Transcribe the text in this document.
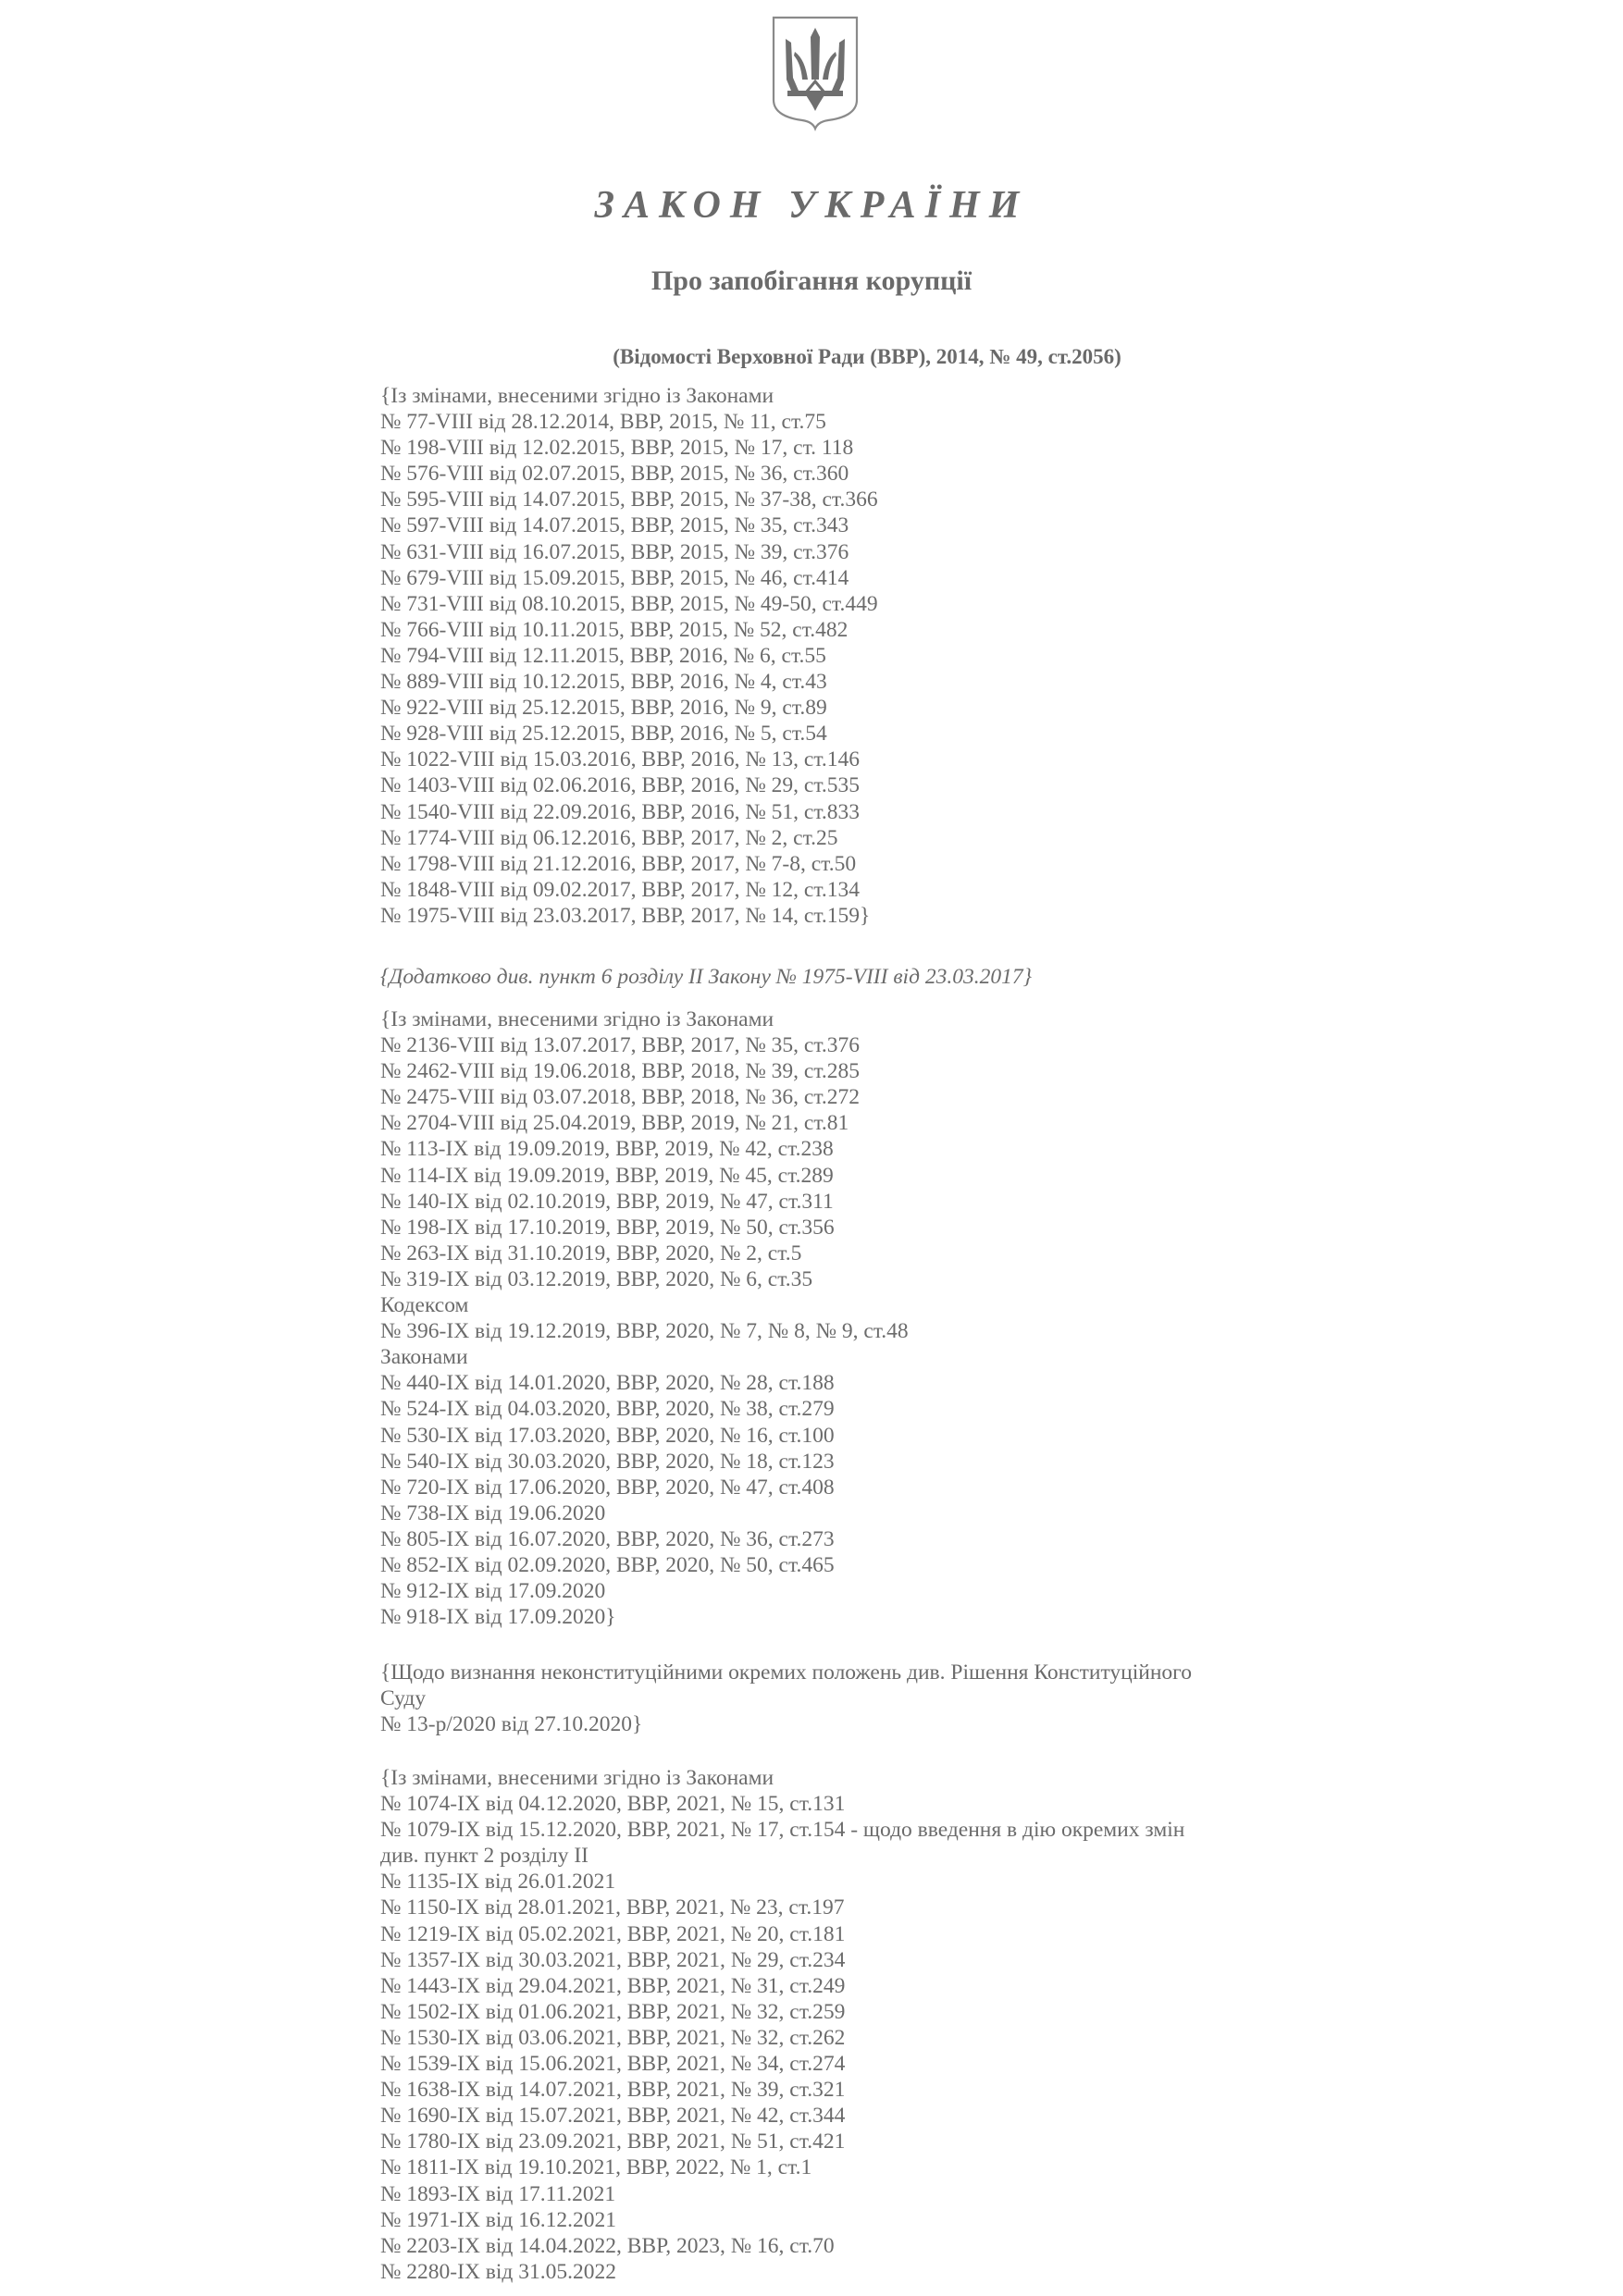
ЗАКОН УКРАЇНИ
Про запобігання корупції
(Відомості Верховної Ради (ВВР), 2014, № 49, ст.2056)
{Із змінами, внесеними згідно із Законами
№ 77-VIII від 28.12.2014, ВВР, 2015, № 11, ст.75
№ 198-VIII від 12.02.2015, ВВР, 2015, № 17, ст. 118
№ 576-VIII від 02.07.2015, ВВР, 2015, № 36, ст.360
№ 595-VIII від 14.07.2015, ВВР, 2015, № 37-38, ст.366
№ 597-VIII від 14.07.2015, ВВР, 2015, № 35, ст.343
№ 631-VIII від 16.07.2015, ВВР, 2015, № 39, ст.376
№ 679-VIII від 15.09.2015, ВВР, 2015, № 46, ст.414
№ 731-VIII від 08.10.2015, ВВР, 2015, № 49-50, ст.449
№ 766-VIII від 10.11.2015, ВВР, 2015, № 52, ст.482
№ 794-VIII від 12.11.2015, ВВР, 2016, № 6, ст.55
№ 889-VIII від 10.12.2015, ВВР, 2016, № 4, ст.43
№ 922-VIII від 25.12.2015, ВВР, 2016, № 9, ст.89
№ 928-VIII від 25.12.2015, ВВР, 2016, № 5, ст.54
№ 1022-VIII від 15.03.2016, ВВР, 2016, № 13, ст.146
№ 1403-VIII від 02.06.2016, ВВР, 2016, № 29, ст.535
№ 1540-VIII від 22.09.2016, ВВР, 2016, № 51, ст.833
№ 1774-VIII від 06.12.2016, ВВР, 2017, № 2, ст.25
№ 1798-VIII від 21.12.2016, ВВР, 2017, № 7-8, ст.50
№ 1848-VIII від 09.02.2017, ВВР, 2017, № 12, ст.134
№ 1975-VIII від 23.03.2017, ВВР, 2017, № 14, ст.159}
{Додатково див. пункт 6 розділу II Закону № 1975-VIII від 23.03.2017}
{Із змінами, внесеними згідно із Законами
№ 2136-VIII від 13.07.2017, ВВР, 2017, № 35, ст.376
№ 2462-VIII від 19.06.2018, ВВР, 2018, № 39, ст.285
№ 2475-VIII від 03.07.2018, ВВР, 2018, № 36, ст.272
№ 2704-VIII від 25.04.2019, ВВР, 2019, № 21, ст.81
№ 113-IX від 19.09.2019, ВВР, 2019, № 42, ст.238
№ 114-IX від 19.09.2019, ВВР, 2019, № 45, ст.289
№ 140-IX від 02.10.2019, ВВР, 2019, № 47, ст.311
№ 198-IX від 17.10.2019, ВВР, 2019, № 50, ст.356
№ 263-IX від 31.10.2019, ВВР, 2020, № 2, ст.5
№ 319-IX від 03.12.2019, ВВР, 2020, № 6, ст.35
Кодексом
№ 396-IX від 19.12.2019, ВВР, 2020, № 7, № 8, № 9, ст.48
Законами
№ 440-IX від 14.01.2020, ВВР, 2020, № 28, ст.188
№ 524-IX від 04.03.2020, ВВР, 2020, № 38, ст.279
№ 530-IX від 17.03.2020, ВВР, 2020, № 16, ст.100
№ 540-IX від 30.03.2020, ВВР, 2020, № 18, ст.123
№ 720-IX від 17.06.2020, ВВР, 2020, № 47, ст.408
№ 738-IX від 19.06.2020
№ 805-IX від 16.07.2020, ВВР, 2020, № 36, ст.273
№ 852-IX від 02.09.2020, ВВР, 2020, № 50, ст.465
№ 912-IX від 17.09.2020
№ 918-IX від 17.09.2020}
{Щодо визнання неконституційними окремих положень див. Рішення Конституційного
Суду
№ 13-р/2020 від 27.10.2020}
{Із змінами, внесеними згідно із Законами
№ 1074-IX від 04.12.2020, ВВР, 2021, № 15, ст.131
№ 1079-IX від 15.12.2020, ВВР, 2021, № 17, ст.154 - щодо введення в дію окремих змін
див. пункт 2 розділу II
№ 1135-IX від 26.01.2021
№ 1150-IX від 28.01.2021, ВВР, 2021, № 23, ст.197
№ 1219-IX від 05.02.2021, ВВР, 2021, № 20, ст.181
№ 1357-IX від 30.03.2021, ВВР, 2021, № 29, ст.234
№ 1443-IX від 29.04.2021, ВВР, 2021, № 31, ст.249
№ 1502-IX від 01.06.2021, ВВР, 2021, № 32, ст.259
№ 1530-IX від 03.06.2021, ВВР, 2021, № 32, ст.262
№ 1539-IX від 15.06.2021, ВВР, 2021, № 34, ст.274
№ 1638-IX від 14.07.2021, ВВР, 2021, № 39, ст.321
№ 1690-IX від 15.07.2021, ВВР, 2021, № 42, ст.344
№ 1780-IX від 23.09.2021, ВВР, 2021, № 51, ст.421
№ 1811-IX від 19.10.2021, ВВР, 2022, № 1, ст.1
№ 1893-IX від 17.11.2021
№ 1971-IX від 16.12.2021
№ 2203-IX від 14.04.2022, ВВР, 2023, № 16, ст.70
№ 2280-IX від 31.05.2022
